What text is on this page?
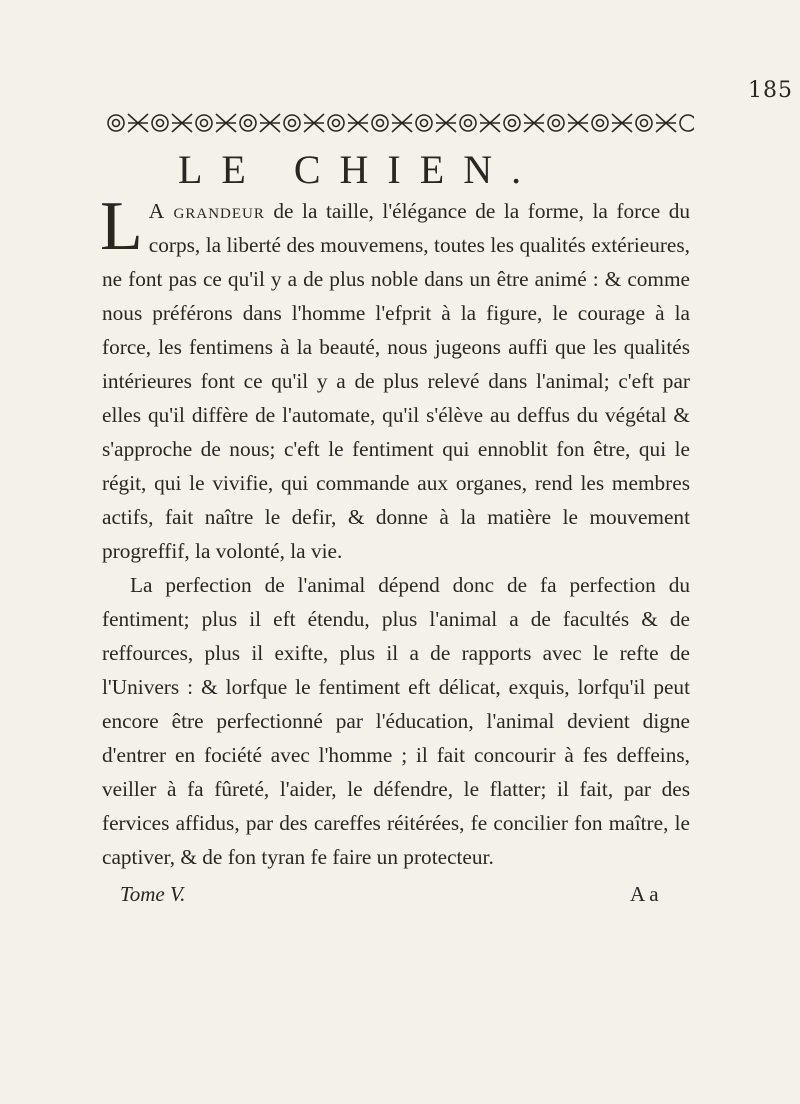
185
LE CHIEN.

L A grandeur de la taille, l'élégance de la forme, la force du corps, la liberté des mouvemens, toutes les qualités extérieures, ne font pas ce qu'il y a de plus noble dans un être animé : & comme nous préférons dans l'homme l'efprit à la figure, le courage à la force, les fentimens à la beauté, nous jugeons auffi que les qualités intérieures font ce qu'il y a de plus relevé dans l'animal; c'eft par elles qu'il diffère de l'automate, qu'il s'élève au deffus du végétal & s'approche de nous; c'eft le fentiment qui ennoblit fon être, qui le régit, qui le vivifie, qui commande aux organes, rend les membres actifs, fait naître le defir, & donne à la matière le mouvement progreffif, la volonté, la vie.

La perfection de l'animal dépend donc de fa perfection du fentiment; plus il eft étendu, plus l'animal a de facultés & de reffources, plus il exifte, plus il a de rapports avec le refte de l'Univers : & lorfque le fentiment eft délicat, exquis, lorfqu'il peut encore être perfectionné par l'éducation, l'animal devient digne d'entrer en fociété avec l'homme ; il fait concourir à fes deffeins, veiller à fa fûreté, l'aider, le défendre, le flatter; il fait, par des fervices affidus, par des careffes réitérées, fe concilier fon maître, le captiver, & de fon tyran fe faire un protecteur.

Tome V.	A a
